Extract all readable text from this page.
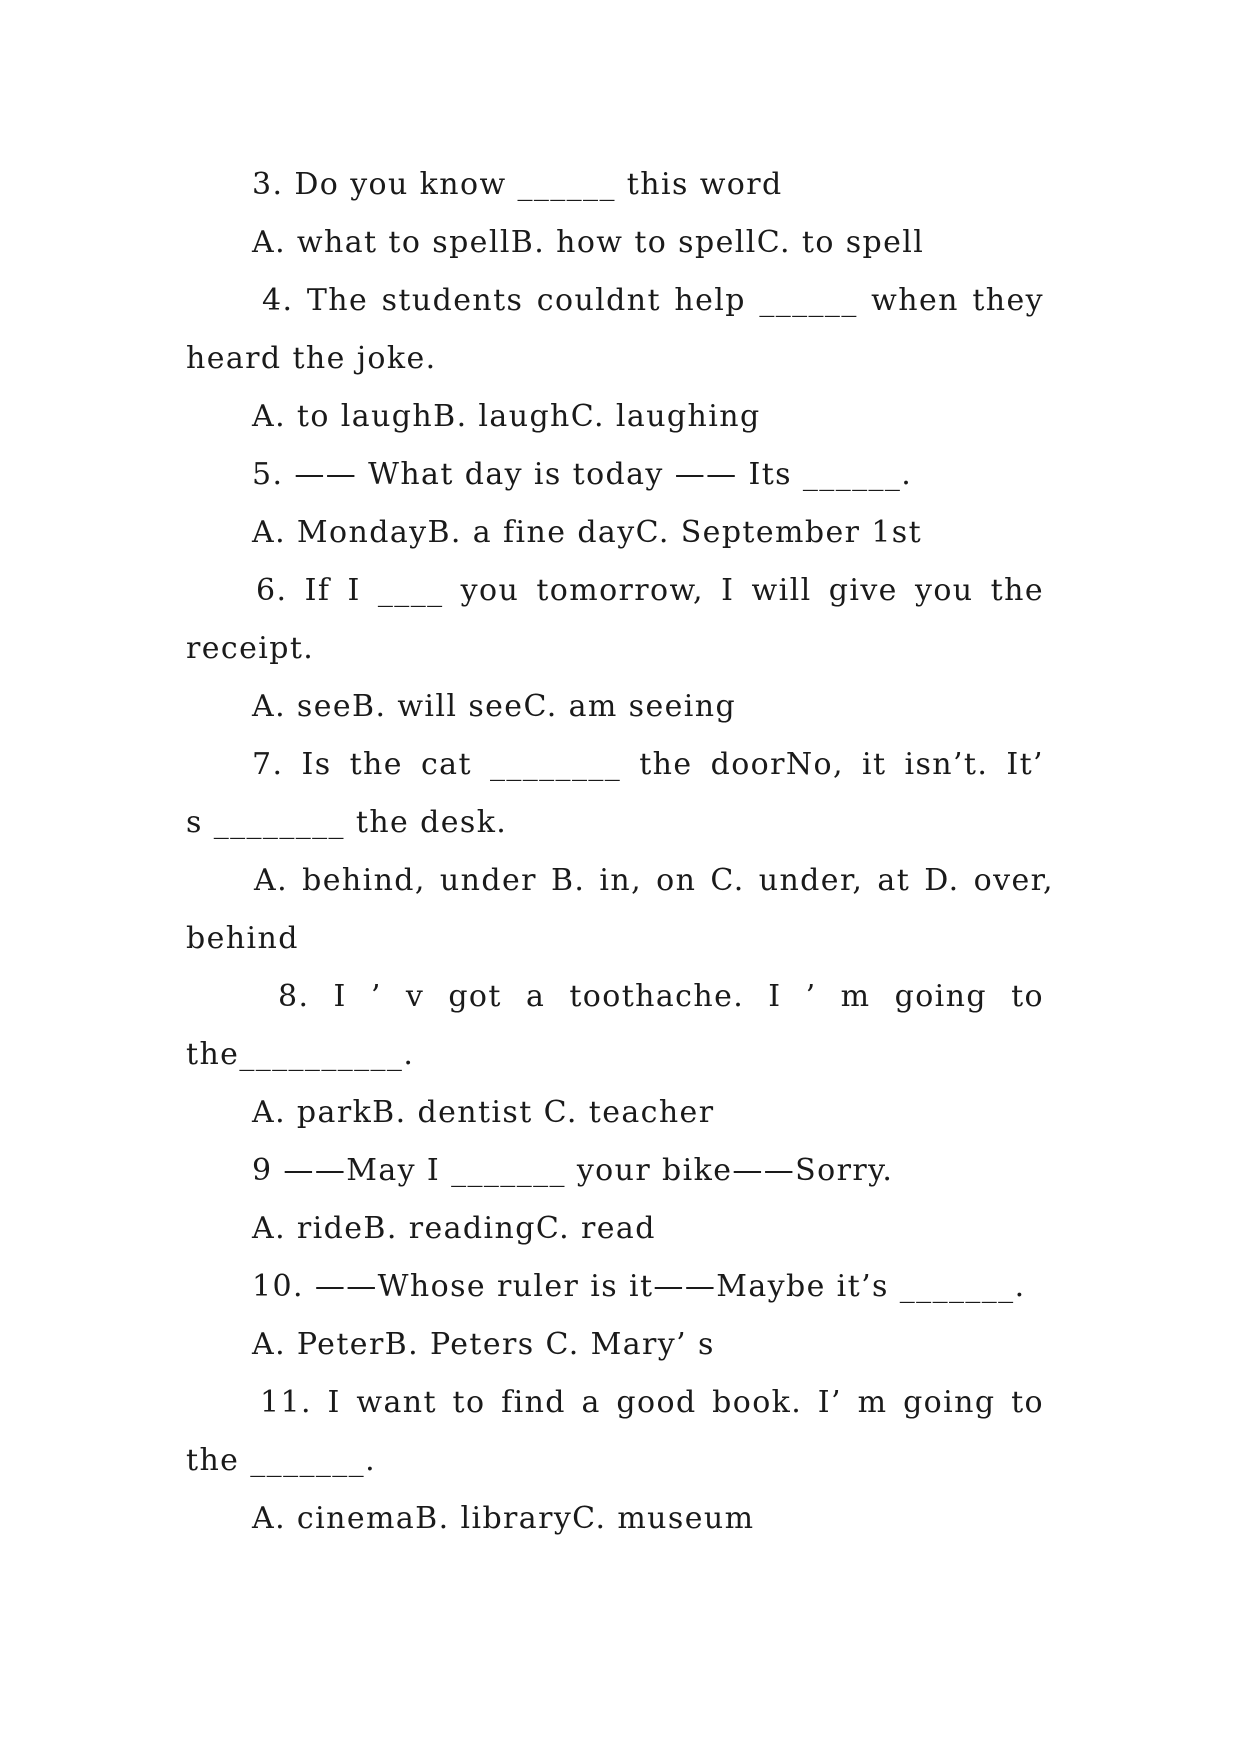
3. Do you know ______ this word
A. what to spellB. how to spellC. to spell
4. The students couldnt help ______ when they
heard the joke.
A. to laughB. laughC. laughing
5. —— What day is today —— Its ______.
A. MondayB. a fine dayC. September 1st
6. If I ____ you tomorrow, I will give you the
receipt.
A. seeB. will seeC. am seeing
7. Is the cat ________ the doorNo, it isn’t. It’
s ________ the desk.
A. behind, under B. in, on C. under, at D. over,
behind
8. I ’ v got a toothache. I ’ m going to
the__________.
A. parkB. dentist C. teacher
9 ——May I _______ your bike——Sorry.
A. rideB. readingC. read
10. ——Whose ruler is it——Maybe it’s _______.
A. PeterB. Peters C. Mary’ s
11. I want to find a good book. I’ m going to
the _______.
A. cinemaB. libraryC. museum
